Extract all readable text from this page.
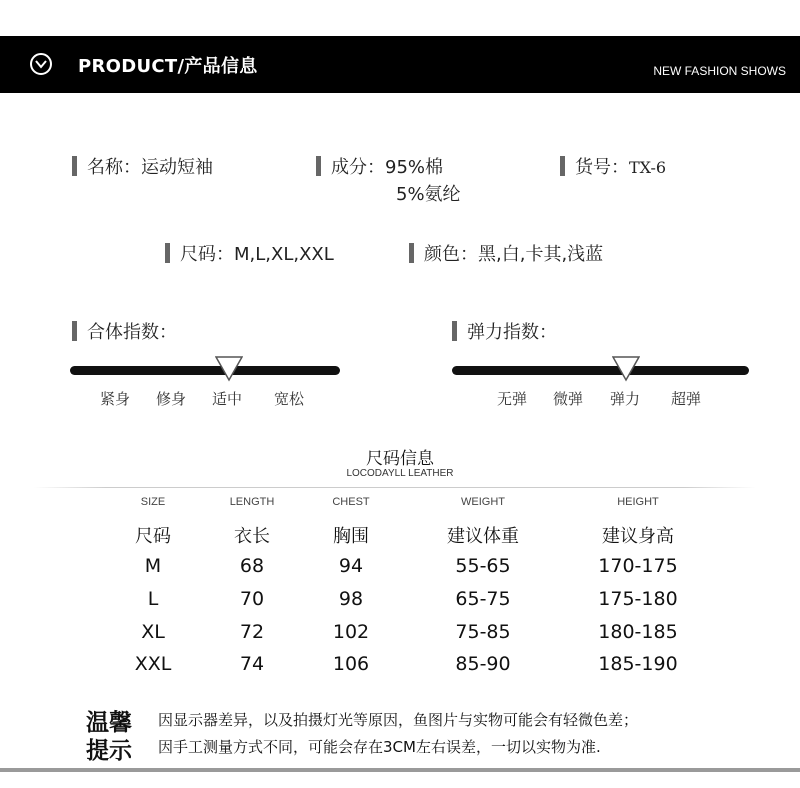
PRODUCT/产品信息	NEW FASHION SHOWS
名称：运动短袖	成分：95%棉
5%氨纶
货号：TX-6
尺码：M,L,XL,XXL	颜色：黑,白,卡其,浅蓝
合体指数：
紧身 修身 适中 宽松
弹力指数：
无弹 微弹 弹力 超弹
尺码信息
LOCODAYLL LEATHER
SIZE	LENGTH	CHEST	WEIGHT	HEIGHT
尺码	衣长	胸围	建议体重	建议身高
M	68	94	55-65	170-175
L	70	98	65-75	175-180
XL	72	102	75-85	180-185
XXL	74	106	85-90	185-190
温馨
提示
因显示器差异，以及拍摄灯光等原因，鱼图片与实物可能会有轻微色差；
因手工测量方式不同，可能会存在3CM左右误差，一切以实物为准.
